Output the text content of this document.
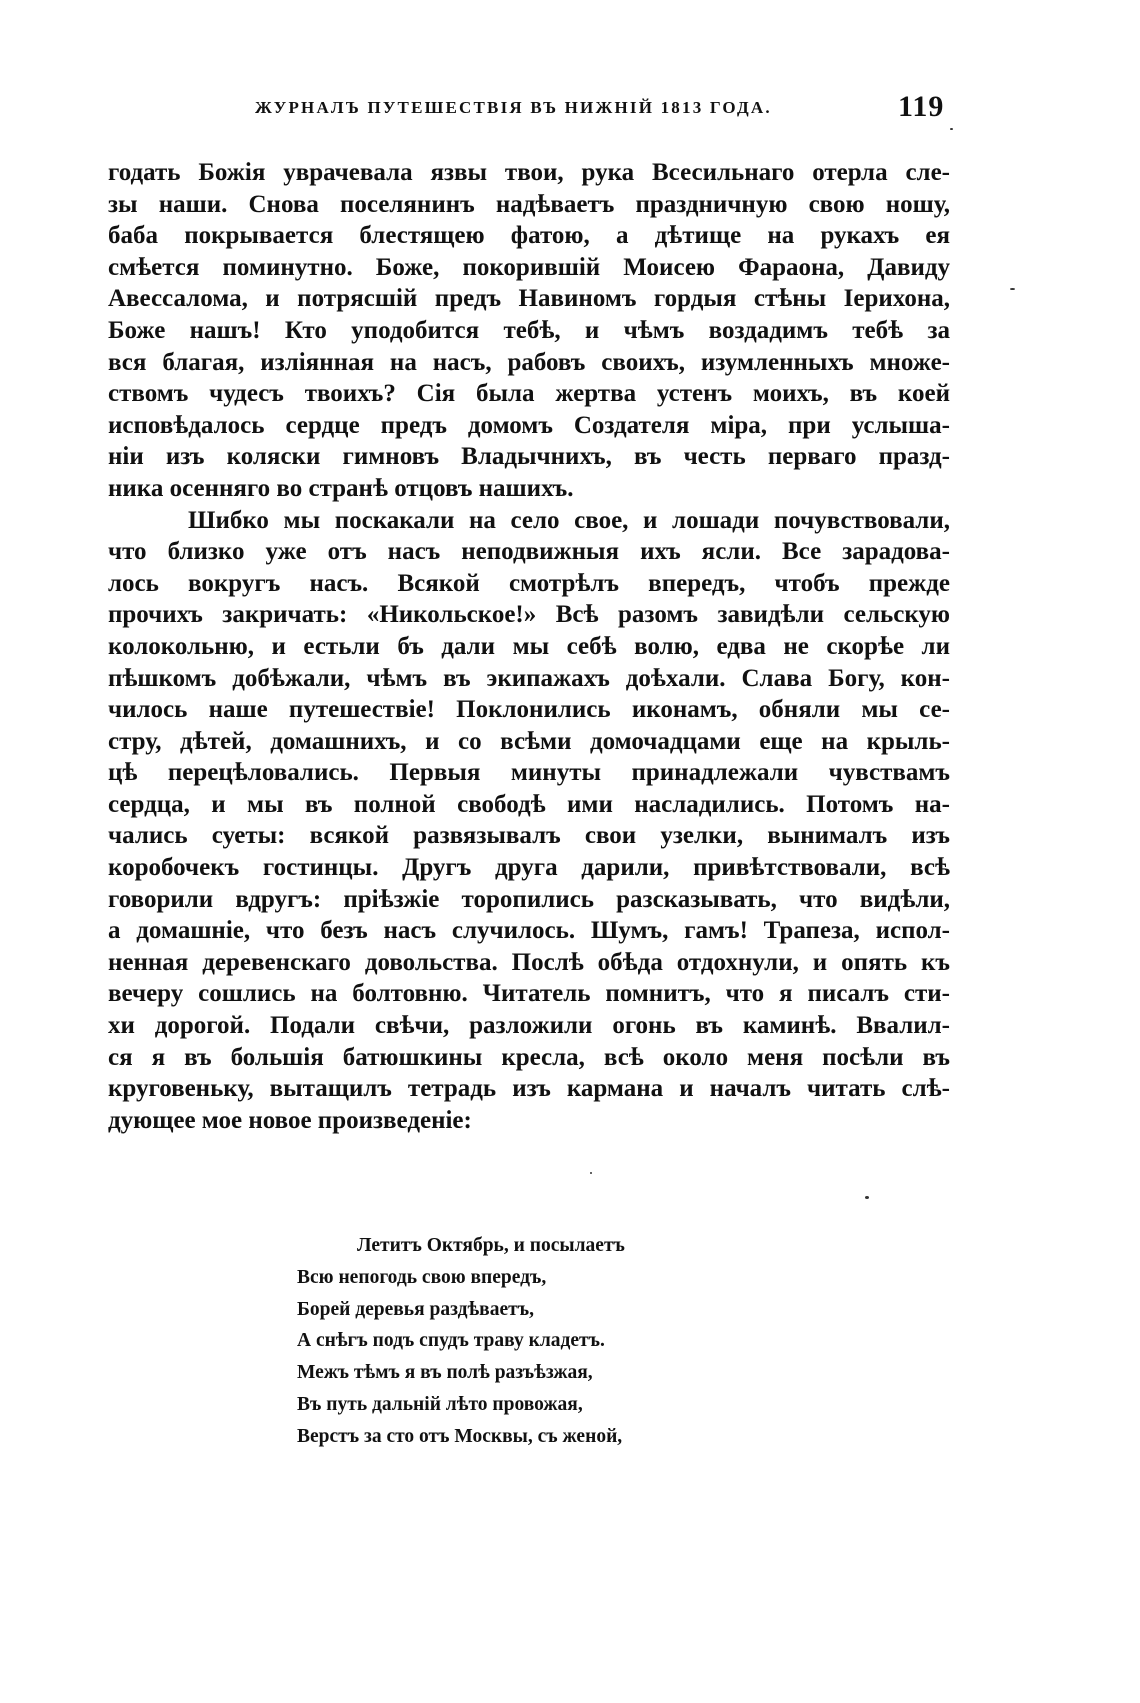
ЖУРНАЛЪ ПУТЕШЕСТВІЯ ВЪ НИЖНІЙ 1813 ГОДА.	119
годать Божія уврачевала язвы твои, рука Всесильнаго отерла сле-
зы наши. Снова поселянинъ надѣваетъ праздничную свою ношу,
баба покрывается блестящею фатою, а дѣтище на рукахъ ея
смѣется поминутно. Боже, покорившій Моисею Фараона, Давиду
Авессалома, и потрясшій предъ Навиномъ гордыя стѣны Іерихона,
Боже нашъ! Кто уподобится тебѣ, и чѣмъ воздадимъ тебѣ за
вся благая, изліянная на насъ, рабовъ своихъ, изумленныхъ множе-
ствомъ чудесъ твоихъ? Сія была жертва устенъ моихъ, въ коей
исповѣдалось сердце предъ домомъ Создателя міра, при услыша-
ніи изъ коляски гимновъ Владычнихъ, въ честь перваго празд-
ника осенняго во странѣ отцовъ нашихъ.
Шибко мы поскакали на село свое, и лошади почувствовали,
что близко уже отъ насъ неподвижныя ихъ ясли. Все зарадова-
лось вокругъ насъ. Всякой смотрѣлъ впередъ, чтобъ прежде
прочихъ закричать: «Никольское!» Всѣ разомъ завидѣли сельскую
колокольню, и естьли бъ дали мы себѣ волю, едва не скорѣе ли
пѣшкомъ добѣжали, чѣмъ въ экипажахъ доѣхали. Слава Богу, кон-
чилось наше путешествіе! Поклонились иконамъ, обняли мы се-
стру, дѣтей, домашнихъ, и со всѣми домочадцами еще на крыль-
цѣ перецѣловались. Первыя минуты принадлежали чувствамъ
сердца, и мы въ полной свободѣ ими насладились. Потомъ на-
чались суеты: всякой развязывалъ свои узелки, вынималъ изъ
коробочекъ гостинцы. Другъ друга дарили, привѣтствовали, всѣ
говорили вдругъ: пріѣзжіе торопились разсказывать, что видѣли,
а домашніе, что безъ насъ случилось. Шумъ, гамъ! Трапеза, испол-
ненная деревенскаго довольства. Послѣ обѣда отдохнули, и опять къ
вечеру сошлись на болтовню. Читатель помнитъ, что я писалъ сти-
хи дорогой. Подали свѣчи, разложили огонь въ каминѣ. Ввалил-
ся я въ большія батюшкины кресла, всѣ около меня посѣли въ
круговеньку, вытащилъ тетрадь изъ кармана и началъ читать слѣ-
дующее мое новое произведеніе:
Летитъ Октябрь, и посылаетъ
Всю непогодь свою впередъ,
Борей деревья раздѣваетъ,
А снѣгъ подъ спудъ траву кладетъ.
Межъ тѣмъ я въ полѣ разъѣзжая,
Въ путь дальній лѣто провожая,
Верстъ за сто отъ Москвы, съ женой,
